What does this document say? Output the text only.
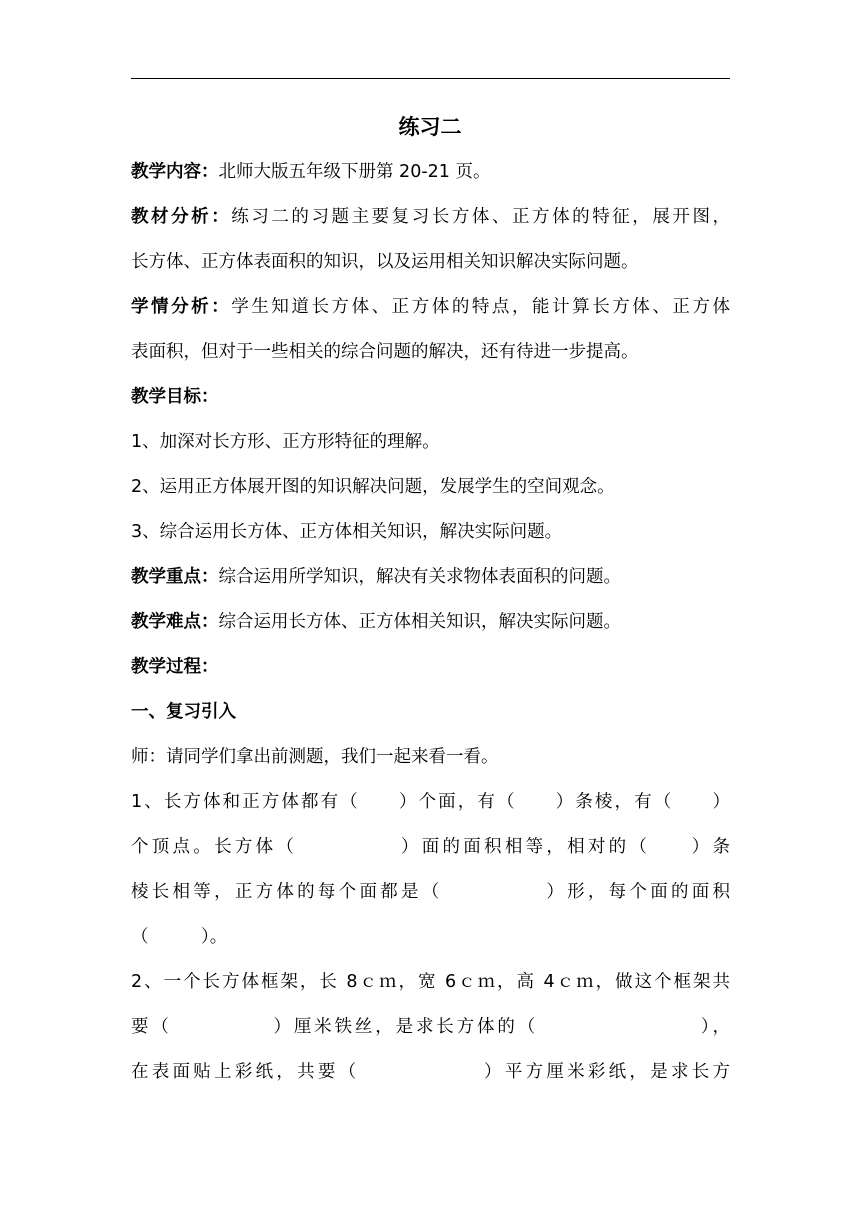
练习二
教学内容：北师大版五年级下册第 20-21 页。
教材分析：练习二的习题主要复习长方体、正方体的特征，展开图，
长方体、正方体表面积的知识，以及运用相关知识解决实际问题。
学情分析：学生知道长方体、正方体的特点，能计算长方体、正方体
表面积，但对于一些相关的综合问题的解决，还有待进一步提高。
教学目标：
1、加深对长方形、正方形特征的理解。
2、运用正方体展开图的知识解决问题，发展学生的空间观念。
3、综合运用长方体、正方体相关知识，解决实际问题。
教学重点：综合运用所学知识，解决有关求物体表面积的问题。
教学难点：综合运用长方体、正方体相关知识，解决实际问题。
教学过程：
一、复习引入
师：请同学们拿出前测题，我们一起来看一看。
1、长方体和正方体都有（　　）个面，有（　　）条棱，有（　　）
个顶点。长方体（　　　　　）面的面积相等，相对的（　　）条
棱长相等，正方体的每个面都是（　　　　　）形，每个面的面积
（　　　）。
2、一个长方体框架，长 8ｃｍ，宽 6ｃｍ，高 4ｃｍ，做这个框架共
要（　　　　　）厘米铁丝，是求长方体的（　　　　　　　　），
在表面贴上彩纸，共要（　　　　　　）平方厘米彩纸，是求长方
